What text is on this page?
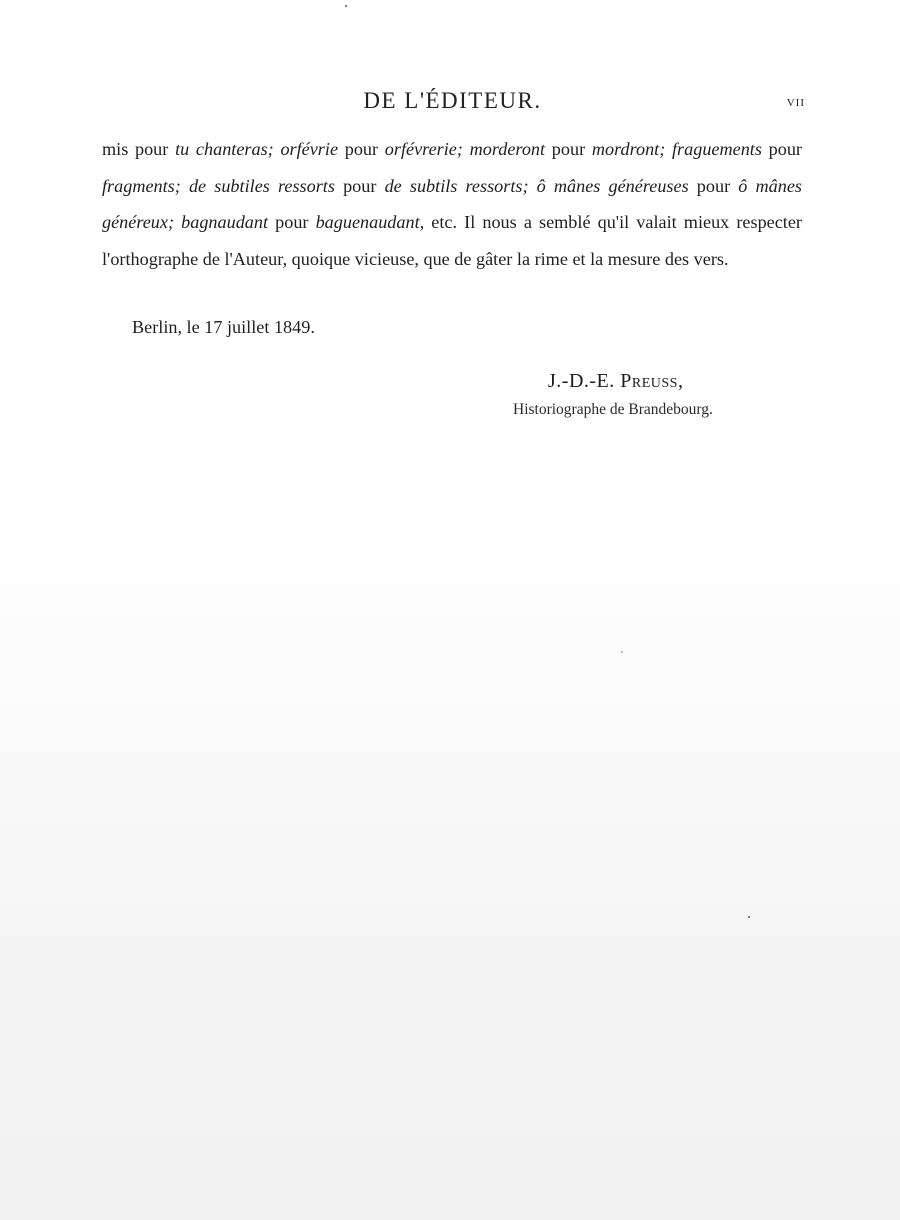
DE L'ÉDITEUR.	vii

mis pour tu chanteras; orfévrie pour orfévrerie; morderont pour mordront; fraguements pour fragments; de subtiles ressorts pour de subtils ressorts; ô mânes généreuses pour ô mânes généreux; bagnaudant pour baguenaudant, etc. Il nous a semblé qu'il valait mieux respecter l'orthographe de l'Auteur, quoique vicieuse, que de gâter la rime et la mesure des vers.

Berlin, le 17 juillet 1849.
J.-D.-E. Preuss,
Historiographe de Brandebourg.
